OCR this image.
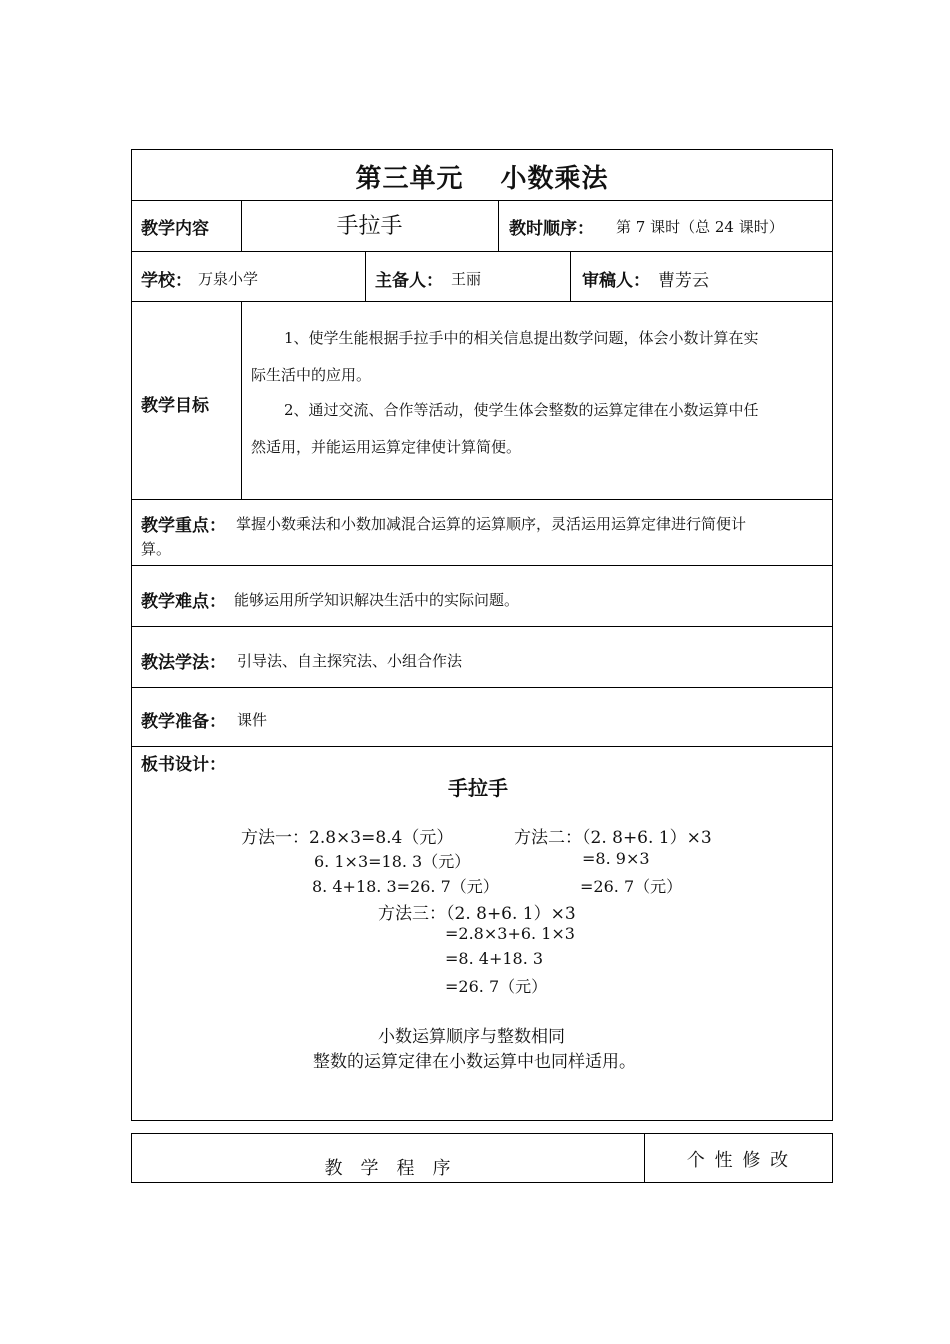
第三单元　 小数乘法
教学内容	手拉手	教时顺序： 第 7 课时（总 24 课时）
学校： 万泉小学	主备人： 王丽	审稿人： 曹芳云
教学目标
1、使学生能根据手拉手中的相关信息提出数学问题，体会小数计算在实
际生活中的应用。
2、通过交流、合作等活动，使学生体会整数的运算定律在小数运算中任
然适用，并能运用运算定律使计算简便。
教学重点： 掌握小数乘法和小数加减混合运算的运算顺序，灵活运用运算定律进行简便计
算。
教学难点： 能够运用所学知识解决生活中的实际问题。
教法学法： 引导法、自主探究法、小组合作法
教学准备： 课件
板书设计：
手拉手
方法一：2.8×3=8.4（元）
6. 1×3=18. 3（元）
8. 4+18. 3=26. 7（元）
方法二：（2. 8+6. 1）×3
=8. 9×3
=26. 7（元）
方法三：（2. 8+6. 1）×3
=2.8×3+6. 1×3
=8. 4+18. 3
=26. 7（元）
小数运算顺序与整数相同
整数的运算定律在小数运算中也同样适用。
教　学　程　序	个 性 修 改
